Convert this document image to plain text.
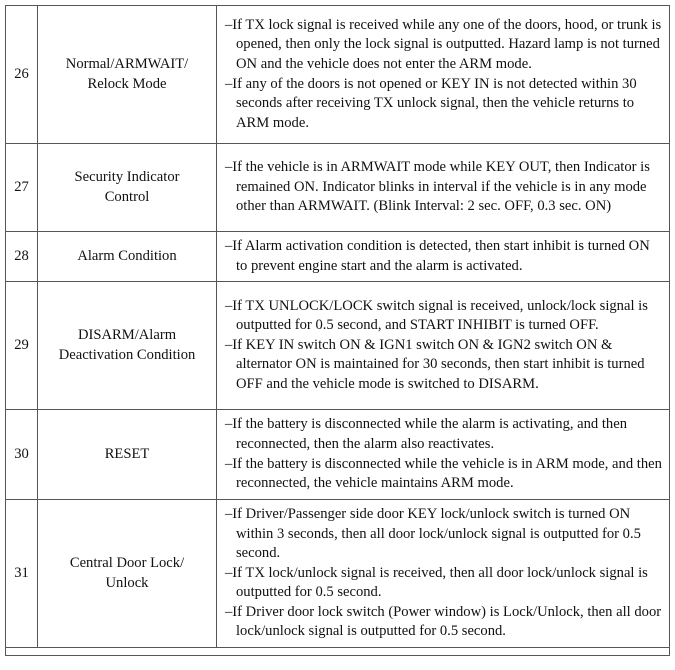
26	Normal/ARMWAIT/
Relock Mode	–If TX lock signal is received while any one of the doors, hood, or trunk is opened, then only the lock signal is outputted. Hazard lamp is not turned ON and the vehicle does not enter the ARM mode.
–If any of the doors is not opened or KEY IN is not detected within 30 seconds after receiving TX unlock signal, then the vehicle returns to ARM mode.

27	Security Indicator
Control	–If the vehicle is in ARMWAIT mode while KEY OUT, then Indicator is remained ON. Indicator blinks in interval if the vehicle is in any mode other than ARMWAIT. (Blink Interval: 2 sec. OFF, 0.3 sec. ON)

28	Alarm Condition	–If Alarm activation condition is detected, then start inhibit is turned ON to prevent engine start and the alarm is activated.

29	DISARM/Alarm
Deactivation Condition	–If TX UNLOCK/LOCK switch signal is received, unlock/lock signal is outputted for 0.5 second, and START INHIBIT is turned OFF.
–If KEY IN switch ON & IGN1 switch ON & IGN2 switch ON & alternator ON is maintained for 30 seconds, then start inhibit is turned OFF and the vehicle mode is switched to DISARM.

30	RESET	–If the battery is disconnected while the alarm is activating, and then reconnected, then the alarm also reactivates.
–If the battery is disconnected while the vehicle is in ARM mode, and then reconnected, the vehicle maintains ARM mode.

31	Central Door Lock/
Unlock	–If Driver/Passenger side door KEY lock/unlock switch is turned ON within 3 seconds, then all door lock/unlock signal is outputted for 0.5 second.
–If TX lock/unlock signal is received, then all door lock/unlock signal is outputted for 0.5 second.
–If Driver door lock switch (Power window) is Lock/Unlock, then all door lock/unlock signal is outputted for 0.5 second.
